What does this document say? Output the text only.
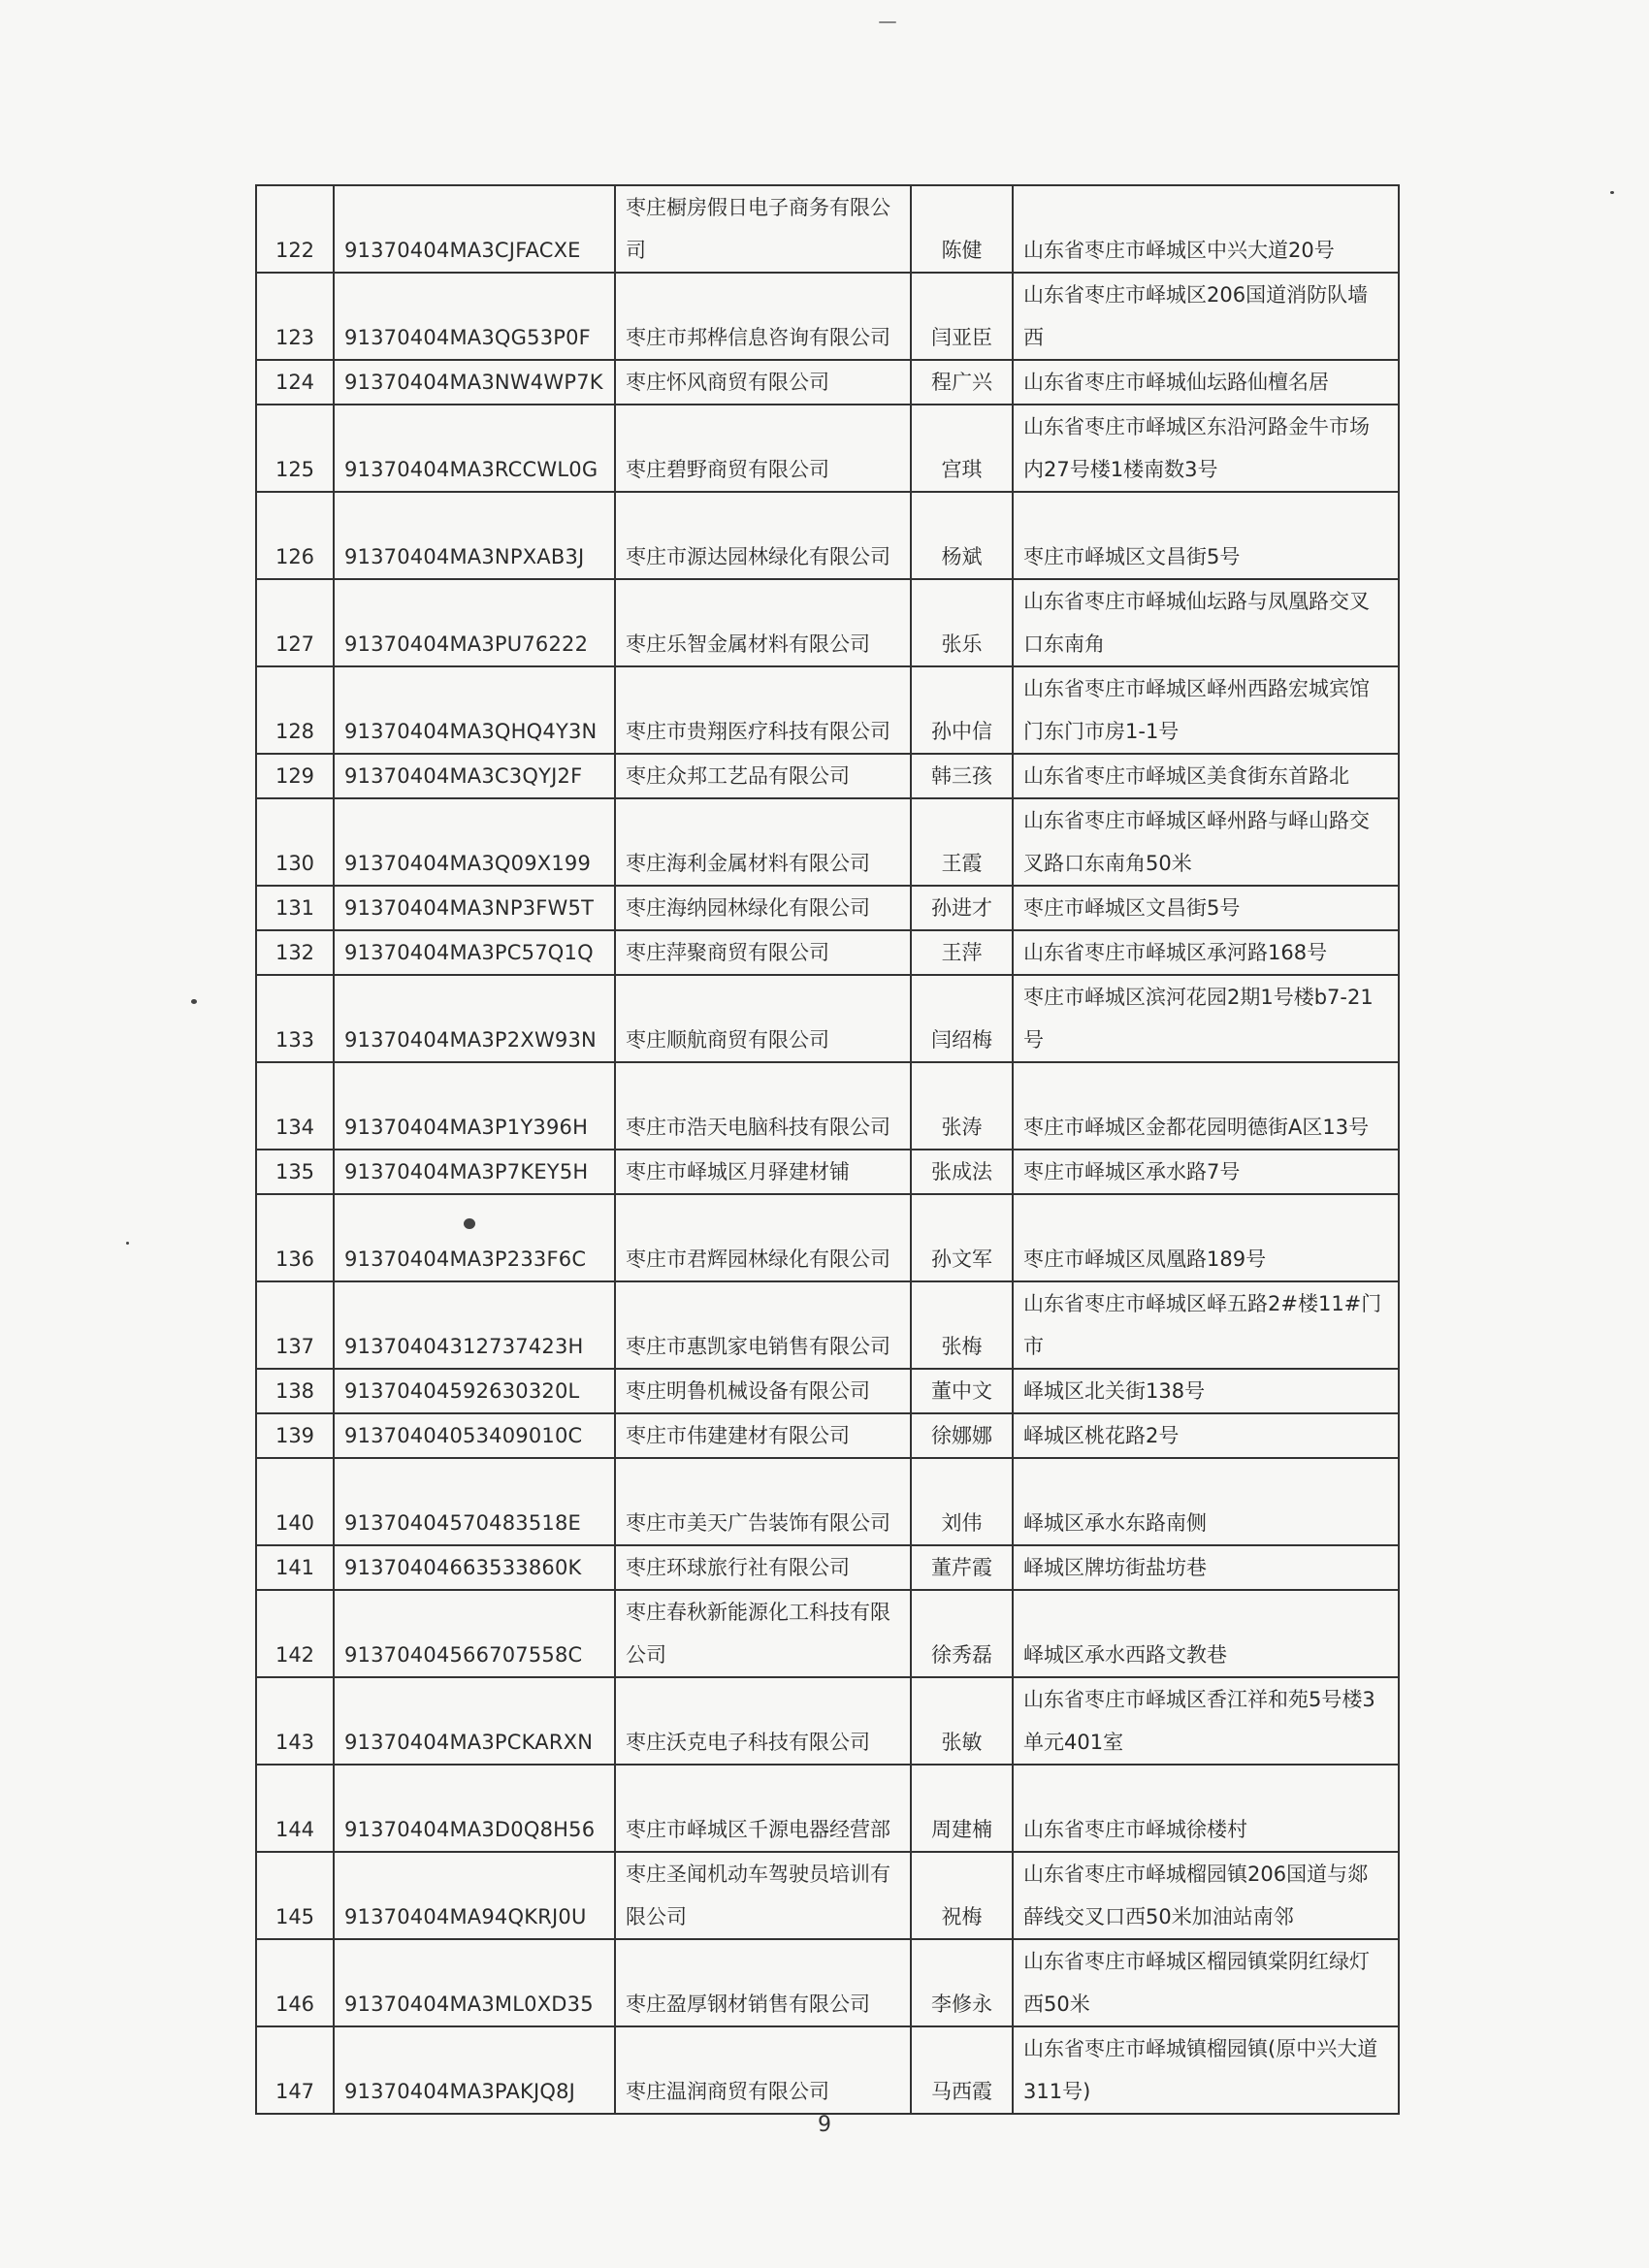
122	91370404MA3CJFACXE	枣庄橱房假日电子商务有限公司	陈健	山东省枣庄市峄城区中兴大道20号
123	91370404MA3QG53P0F	枣庄市邦桦信息咨询有限公司	闫亚臣	山东省枣庄市峄城区206国道消防队墙西
124	91370404MA3NW4WP7K	枣庄怀风商贸有限公司	程广兴	山东省枣庄市峄城仙坛路仙檀名居
125	91370404MA3RCCWL0G	枣庄碧野商贸有限公司	宫琪	山东省枣庄市峄城区东沿河路金牛市场内27号楼1楼南数3号
126	91370404MA3NPXAB3J	枣庄市源达园林绿化有限公司	杨斌	枣庄市峄城区文昌街5号
127	91370404MA3PU76222	枣庄乐智金属材料有限公司	张乐	山东省枣庄市峄城仙坛路与凤凰路交叉口东南角
128	91370404MA3QHQ4Y3N	枣庄市贵翔医疗科技有限公司	孙中信	山东省枣庄市峄城区峄州西路宏城宾馆门东门市房1-1号
129	91370404MA3C3QYJ2F	枣庄众邦工艺品有限公司	韩三孩	山东省枣庄市峄城区美食街东首路北
130	91370404MA3Q09X199	枣庄海利金属材料有限公司	王霞	山东省枣庄市峄城区峄州路与峄山路交叉路口东南角50米
131	91370404MA3NP3FW5T	枣庄海纳园林绿化有限公司	孙进才	枣庄市峄城区文昌街5号
132	91370404MA3PC57Q1Q	枣庄萍聚商贸有限公司	王萍	山东省枣庄市峄城区承河路168号
133	91370404MA3P2XW93N	枣庄顺航商贸有限公司	闫绍梅	枣庄市峄城区滨河花园2期1号楼b7-21号
134	91370404MA3P1Y396H	枣庄市浩天电脑科技有限公司	张涛	枣庄市峄城区金都花园明德街A区13号
135	91370404MA3P7KEY5H	枣庄市峄城区月驿建材铺	张成法	枣庄市峄城区承水路7号
136	91370404MA3P233F6C	枣庄市君辉园林绿化有限公司	孙文军	枣庄市峄城区凤凰路189号
137	91370404312737423H	枣庄市惠凯家电销售有限公司	张梅	山东省枣庄市峄城区峄五路2#楼11#门市
138	91370404592630320L	枣庄明鲁机械设备有限公司	董中文	峄城区北关街138号
139	91370404053409010C	枣庄市伟建建材有限公司	徐娜娜	峄城区桃花路2号
140	91370404570483518E	枣庄市美天广告装饰有限公司	刘伟	峄城区承水东路南侧
141	91370404663533860K	枣庄环球旅行社有限公司	董芹霞	峄城区牌坊街盐坊巷
142	91370404566707558C	枣庄春秋新能源化工科技有限公司	徐秀磊	峄城区承水西路文教巷
143	91370404MA3PCKARXN	枣庄沃克电子科技有限公司	张敏	山东省枣庄市峄城区香江祥和苑5号楼3单元401室
144	91370404MA3D0Q8H56	枣庄市峄城区千源电器经营部	周建楠	山东省枣庄市峄城徐楼村
145	91370404MA94QKRJ0U	枣庄圣闻机动车驾驶员培训有限公司	祝梅	山东省枣庄市峄城榴园镇206国道与郯薛线交叉口西50米加油站南邻
146	91370404MA3ML0XD35	枣庄盈厚钢材销售有限公司	李修永	山东省枣庄市峄城区榴园镇棠阴红绿灯西50米
147	91370404MA3PAKJQ8J	枣庄温润商贸有限公司	马西霞	山东省枣庄市峄城镇榴园镇(原中兴大道311号)
9
